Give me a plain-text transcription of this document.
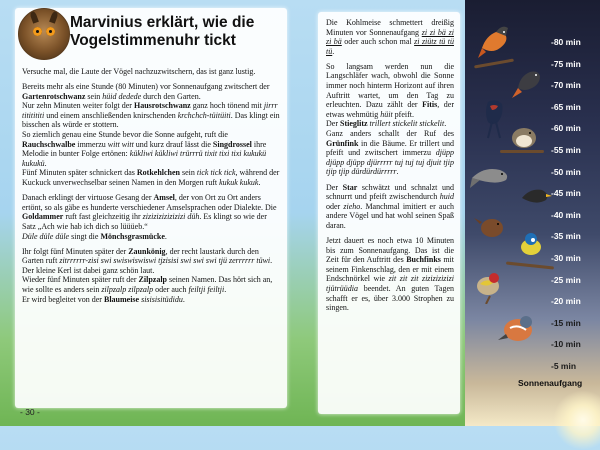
Marvinius erklärt, wie die Vogelstimmenuhr tickt

Versuche mal, die Laute der Vögel nachzuzwitschern, das ist ganz lustig.

Bereits mehr als eine Stunde (80 Minuten) vor Sonnenaufgang zwitschert der Gartenrotschwanz sein hüid dedede durch den Garten.

Nur zehn Minuten weiter folgt der Hausrotschwanz ganz hoch tönend mit jirrr tititititi und einem anschließenden knirschenden krchchch-tüitüiti. Das klingt ein bisschen als würde er stottern.

So ziemlich genau eine Stunde bevor die Sonne aufgeht, ruft die Rauchschwalbe immerzu witt witt und kurz drauf lässt die Singdrossel ihre Melodie in bunter Folge ertönen: kükliwi kükliwi trürrrü tixit tixi tixi kukukü kukukü.

Fünf Minuten später schnickert das Rotkehlchen sein tick tick tick, während der Kuckuck unverwechselbar seinen Namen in den Morgen ruft kukuk kukuk.

Danach erklingt der virtuose Gesang der Amsel, der von Ort zu Ort anders ertönt, so als gäbe es hunderte verschiedener Amselsprachen oder Dialekte. Die Goldammer ruft fast gleichzeitig ihr zizizizizizizizi düh. Es klingt so wie der Satz „Ach wie hab ich dich so lüüüeb.“

Düle düle düle singt die Mönchsgrasmücke.

Ihr folgt fünf Minuten später der Zaunkönig, der recht laustark durch den Garten ruft zitrrrrrr-zisi swi swiswiswiswi tjzisisi swi swi swi tjü zerrrrrr tüwi. Der kleine Kerl ist dabei ganz schön laut.

Wieder fünf Minuten später ruft der Zilpzalp seinen Namen. Das hört sich an, wie sollte es anders sein zilpzalp zilpzalp oder auch feiltji feiltji.

Er wird begleitet von der Blaumeise sisisisitüdidu.

- 30 -

Die Kohlmeise schmettert dreißig Minuten vor Sonnenaufgang zi zi bä zi zi bä oder auch schon mal zi ziütz tü tü tü.

So langsam werden nun die Langschläfer wach, obwohl die Sonne immer noch hinterm Horizont auf ihren Auftritt wartet, um den Tag zu erleuchten. Dazu zählt der Fitis, der etwas wehmütig hüit pfeift.

Der Stieglitz trillert stickelit stickelit.

Ganz anders schallt der Ruf des Grünfink in die Bäume. Er trillert und pfeift und zwitschert immerzu djüpp djüpp djüpp djürrrrr tuj tuj tuj djuit tjip tjip tjip dürdürdürrrrr.

Der Star schwätzt und schnalzt und schnurrt und pfeift zwischendurch huid oder zieho. Manchmal imitiert er auch andere Vögel und hat wohl seinen Spaß daran.

Jetzt dauert es noch etwa 10 Minuten bis zum Sonnenaufgang. Das ist die Zeit für den Auftritt des Buchfinks mit seinem Finkenschlag, den er mit einem Endschnörkel wie zit zit zit zizizizizizi tjütrüüdia beendet. An guten Tagen schafft er es, über 3.000 Strophen zu singen.

-80 min
-75 min
-70 min
-65 min
-60 min
-55 min
-50 min
-45 min
-40 min
-35 min
-30 min
-25 min
-20 min
-15 min
-10 min
-5 min
Sonnenaufgang
